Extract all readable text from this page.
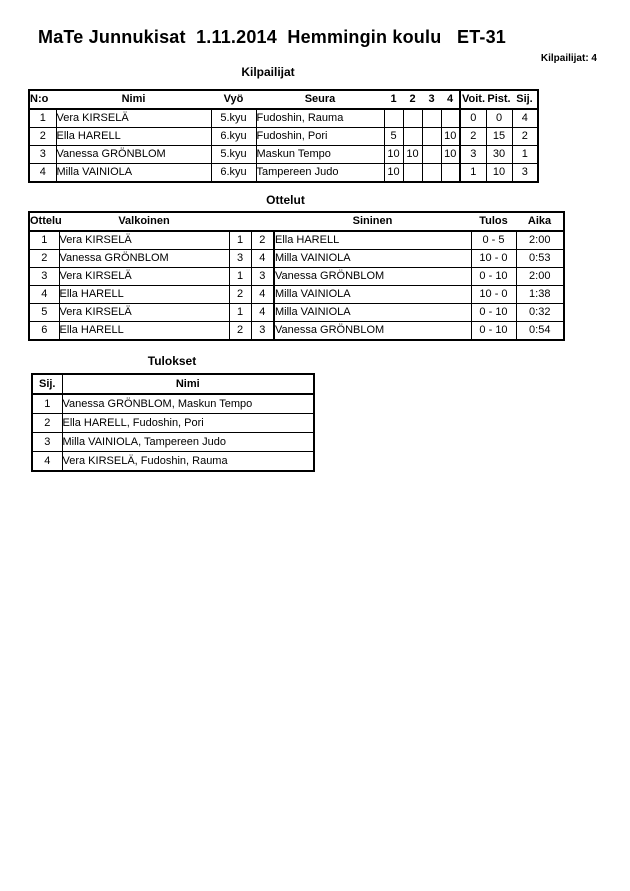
MaTe Junnukisat  1.11.2014  Hemmingin koulu   ET-31
Kilpailijat: 4
Kilpailijat
N:o	Nimi	Vyö	Seura	1	2	3	4	Voit.	Pist.	Sij.
1	Vera KIRSELÄ	5.kyu	Fudoshin, Rauma					0	0	4
2	Ella HARELL	6.kyu	Fudoshin, Pori	5			10	2	15	2
3	Vanessa GRÖNBLOM	5.kyu	Maskun Tempo	10	10		10	3	30	1
4	Milla VAINIOLA	6.kyu	Tampereen Judo	10				1	10	3
Ottelut
Ottelu	Valkoinen			Sininen	Tulos	Aika
1	Vera KIRSELÄ	1	2	Ella HARELL	0 - 5	2:00
2	Vanessa GRÖNBLOM	3	4	Milla VAINIOLA	10 - 0	0:53
3	Vera KIRSELÄ	1	3	Vanessa GRÖNBLOM	0 - 10	2:00
4	Ella HARELL	2	4	Milla VAINIOLA	10 - 0	1:38
5	Vera KIRSELÄ	1	4	Milla VAINIOLA	0 - 10	0:32
6	Ella HARELL	2	3	Vanessa GRÖNBLOM	0 - 10	0:54
Tulokset
Sij.	Nimi
1	Vanessa GRÖNBLOM, Maskun Tempo
2	Ella HARELL, Fudoshin, Pori
3	Milla VAINIOLA, Tampereen Judo
4	Vera KIRSELÄ, Fudoshin, Rauma
